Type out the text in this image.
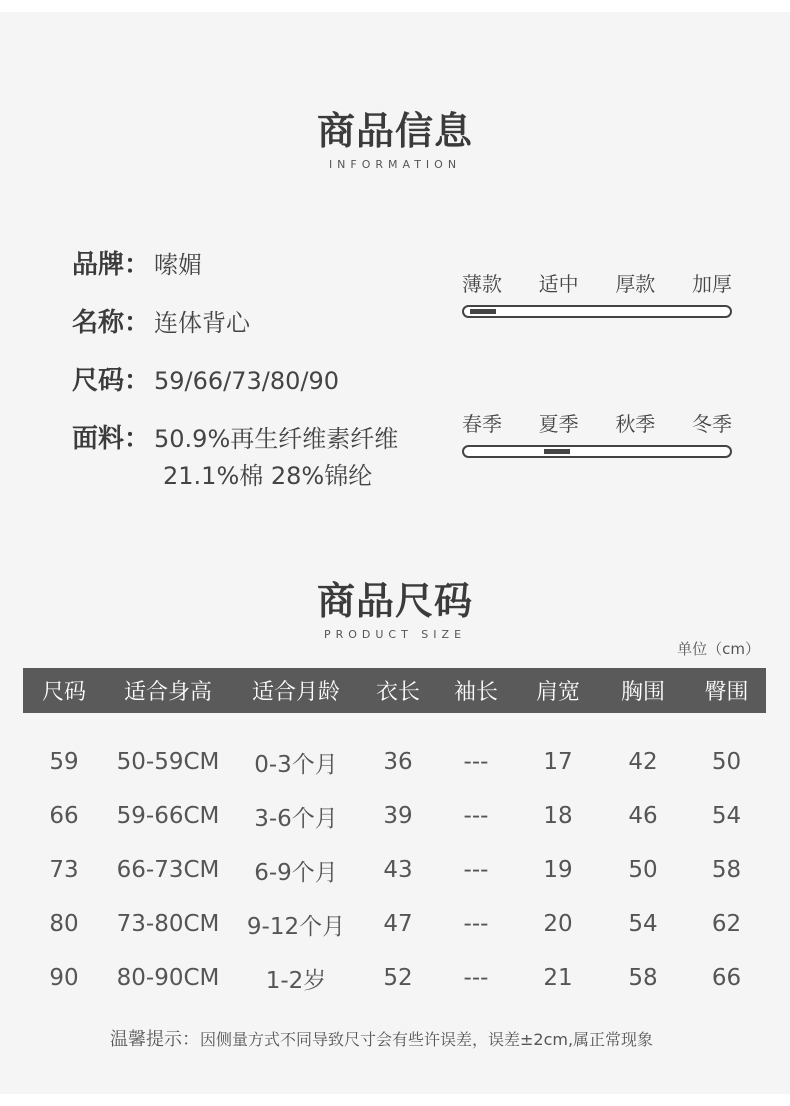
商品信息
INFORMATION
品牌： 嗦媚
名称： 连体背心
尺码： 59/66/73/80/90
面料： 50.9%再生纤维素纤维
21.1%棉 28%锦纶
薄款 适中 厚款 加厚
春季 夏季 秋季 冬季
商品尺码
PRODUCT SIZE
单位（cm）
尺码	适合身高	适合月龄	衣长	袖长	肩宽	胸围	臀围
59	50-59CM	0-3个月	36	---	17	42	50
66	59-66CM	3-6个月	39	---	18	46	54
73	66-73CM	6-9个月	43	---	19	50	58
80	73-80CM	9-12个月	47	---	20	54	62
90	80-90CM	1-2岁	52	---	21	58	66
温馨提示：因侧量方式不同导致尺寸会有些许误差，误差±2cm,属正常现象
